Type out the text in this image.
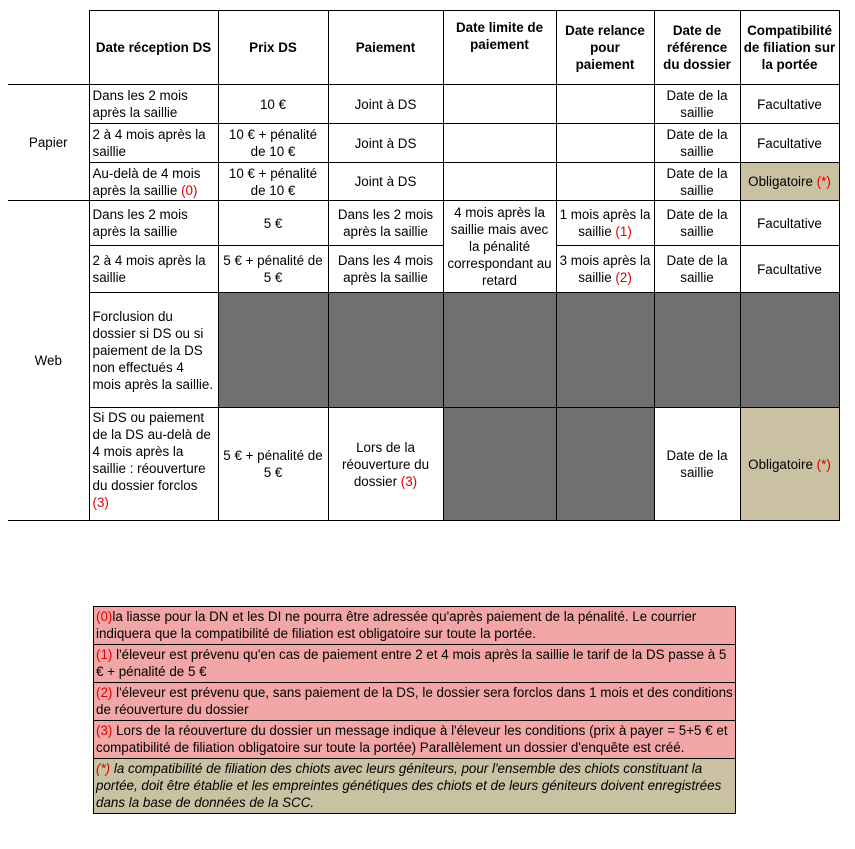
	Date réception DS	Prix DS	Paiement	Date limite de paiement	Date relance pour paiement	Date de référence du dossier	Compatibilité de filiation sur la portée
Papier	Dans les 2 mois après la saillie	10 €	Joint à DS			Date de la saillie	Facultative
	2 à 4 mois après la saillie	10 € + pénalité de 10 €	Joint à DS			Date de la saillie	Facultative
	Au-delà de 4 mois après la saillie (0)	10 € + pénalité de 10 €	Joint à DS			Date de la saillie	Obligatoire (*)
Web	Dans les 2 mois après la saillie	5 €	Dans les 2 mois après la saillie	4 mois après la saillie mais avec la pénalité correspondant au retard	1 mois après la saillie (1)	Date de la saillie	Facultative
	2 à 4 mois après la saillie	5 € + pénalité de 5 €	Dans les 4 mois après la saillie		3 mois après la saillie (2)	Date de la saillie	Facultative
	Forclusion du dossier si DS ou si paiement de la DS non effectués 4 mois après la saillie.						
	Si DS ou paiement de la DS au-delà de 4 mois après la saillie : réouverture du dossier forclos (3)	5 € + pénalité de 5 €	Lors de la réouverture du dossier (3)			Date de la saillie	Obligatoire (*)
(0)la liasse pour la DN et les DI ne pourra être adressée qu'après paiement de la pénalité. Le courrier indiquera que la compatibilité de filiation est obligatoire sur toute la portée.
(1) l'éleveur est prévenu qu'en cas de paiement entre 2 et 4 mois après la saillie le tarif de la DS passe à 5 € + pénalité de 5 €
(2) l'éleveur est prévenu que, sans paiement de la DS, le dossier sera forclos dans 1 mois et des conditions de réouverture du dossier
(3) Lors de la réouverture du dossier un message indique à l'éleveur les conditions (prix à payer = 5+5 € et compatibilité de filiation obligatoire sur toute la portée) Parallèlement un dossier d'enquête est créé.
(*) la compatibilité de filiation des chiots avec leurs géniteurs, pour l'ensemble des chiots constituant la portée, doit être établie et les empreintes génétiques des chiots et de leurs géniteurs doivent enregistrées dans la base de données de la SCC.
